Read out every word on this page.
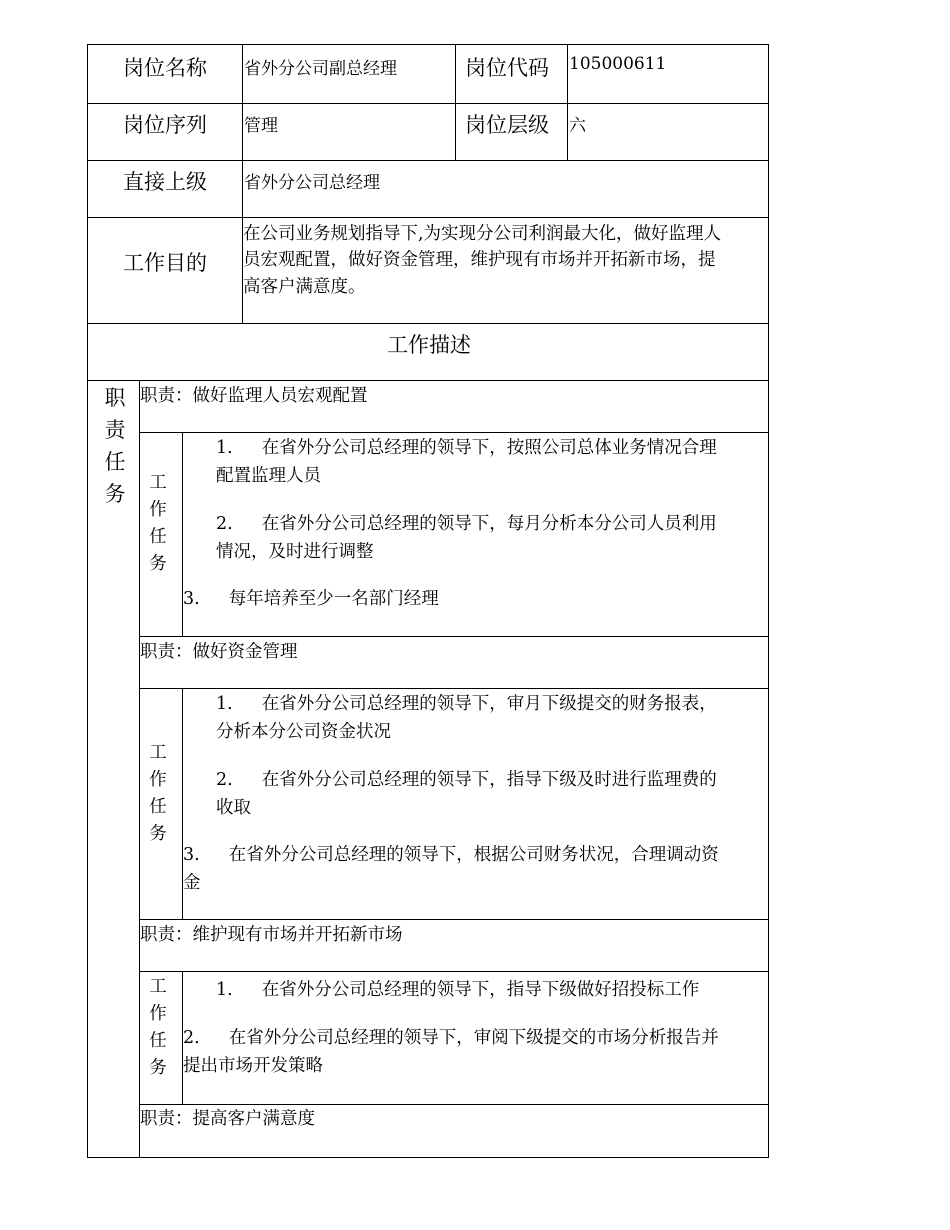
岗位名称 省外分公司副总经理	岗位代码 105000611
岗位序列 管理	岗位层级 六
直接上级 省外分公司总经理
工作目的
在公司业务规划指导下,为实现分公司利润最大化，做好监理人
员宏观配置，做好资金管理，维护现有市场并开拓新市场，提
高客户满意度。
工作描述
职
责
任
务
职责：做好监理人员宏观配置
工
作
任
务
1. 在省外分公司总经理的领导下，按照公司总体业务情况合理
配置监理人员
2. 在省外分公司总经理的领导下，每月分析本分公司人员利用
情况，及时进行调整
3. 每年培养至少一名部门经理
职责：做好资金管理
工
作
任
务
1. 在省外分公司总经理的领导下，审月下级提交的财务报表，
分析本分公司资金状况
2. 在省外分公司总经理的领导下，指导下级及时进行监理费的
收取
3. 在省外分公司总经理的领导下，根据公司财务状况，合理调动资
金
职责：维护现有市场并开拓新市场
工
作
任
务
1. 在省外分公司总经理的领导下，指导下级做好招投标工作
2. 在省外分公司总经理的领导下，审阅下级提交的市场分析报告并
提出市场开发策略
职责：提高客户满意度
